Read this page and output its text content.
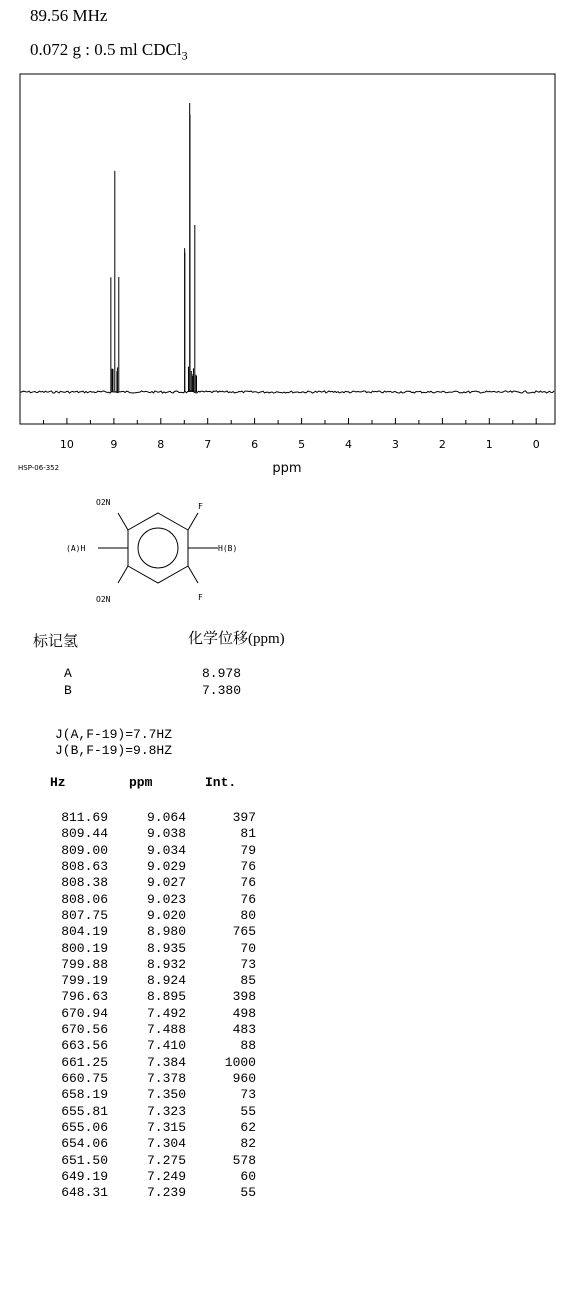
89.56 MHz
0.072 g : 0.5 ml CDCl$_3$
10	9	8	7	6	5	4	3	2	1	0
ppm
HSP-06-352
O2N	F
(A)H	H(B)
O2N	F
标记氢	化学位移(ppm)
A	8.978
B	7.380
J(A,F-19)=7.7HZ
J(B,F-19)=9.8HZ
Hz	ppm	Int.
811.69	9.064	397
809.44	9.038	81
809.00	9.034	79
808.63	9.029	76
808.38	9.027	76
808.06	9.023	76
807.75	9.020	80
804.19	8.980	765
800.19	8.935	70
799.88	8.932	73
799.19	8.924	85
796.63	8.895	398
670.94	7.492	498
670.56	7.488	483
663.56	7.410	88
661.25	7.384	1000
660.75	7.378	960
658.19	7.350	73
655.81	7.323	55
655.06	7.315	62
654.06	7.304	82
651.50	7.275	578
649.19	7.249	60
648.31	7.239	55
